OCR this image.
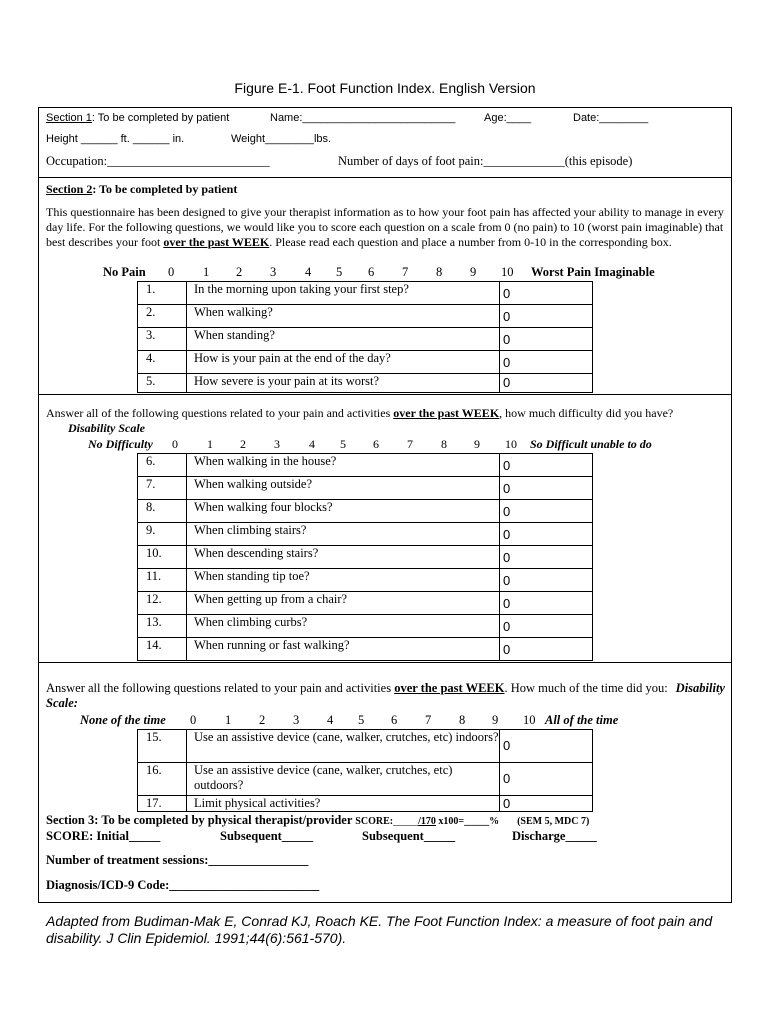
Figure E-1. Foot Function Index. English Version
Section 1: To be completed by patient	Name:_________________________	Age:____	Date:________
Height ______ ft. ______ in.	Weight________lbs.
Occupation:__________________________	Number of days of foot pain:_____________(this episode)
Section 2: To be completed by patient
This questionnaire has been designed to give your therapist information as to how your foot pain has affected your ability to manage in every day life. For the following questions, we would like you to score each question on a scale from 0 (no pain) to 10 (worst pain imaginable) that best describes your foot over the past WEEK. Please read each question and place a number from 0-10 in the corresponding box.
No Pain 0 1 2 3 4 5 6 7 8 9 10 Worst Pain Imaginable
1.	In the morning upon taking your first step?	0
2.	When walking?	0
3.	When standing?	0
4.	How is your pain at the end of the day?	0
5.	How severe is your pain at its worst?	0
Answer all of the following questions related to your pain and activities over the past WEEK, how much difficulty did you have?Disability Scale
No Difficulty 0 1 2 3 4 5 6 7 8 9 10 So Difficult unable to do
6.	When walking in the house?	0
7.	When walking outside?	0
8.	When walking four blocks?	0
9.	When climbing stairs?	0
10.	When descending stairs?	0
11.	When standing tip toe?	0
12.	When getting up from a chair?	0
13.	When climbing curbs?	0
14.	When running or fast walking?	0
Answer all the following questions related to your pain and activities over the past WEEK. How much of the time did you: Disability Scale:
None of the time 0 1 2 3 4 5 6 7 8 9 10 All of the time
15.	Use an assistive device (cane, walker, crutches, etc) indoors?	0
16.	Use an assistive device (cane, walker, crutches, etc) outdoors?	0
17.	Limit physical activities?	0
Section 3: To be completed by physical therapist/provider SCORE:_____/170 x100=_____% (SEM 5, MDC 7)
SCORE: Initial_____	Subsequent_____	Subsequent_____	Discharge_____
Number of treatment sessions:________________
Diagnosis/ICD-9 Code:________________________
Adapted from Budiman-Mak E, Conrad KJ, Roach KE. The Foot Function Index: a measure of foot pain and disability. J Clin Epidemiol. 1991;44(6):561-570).
